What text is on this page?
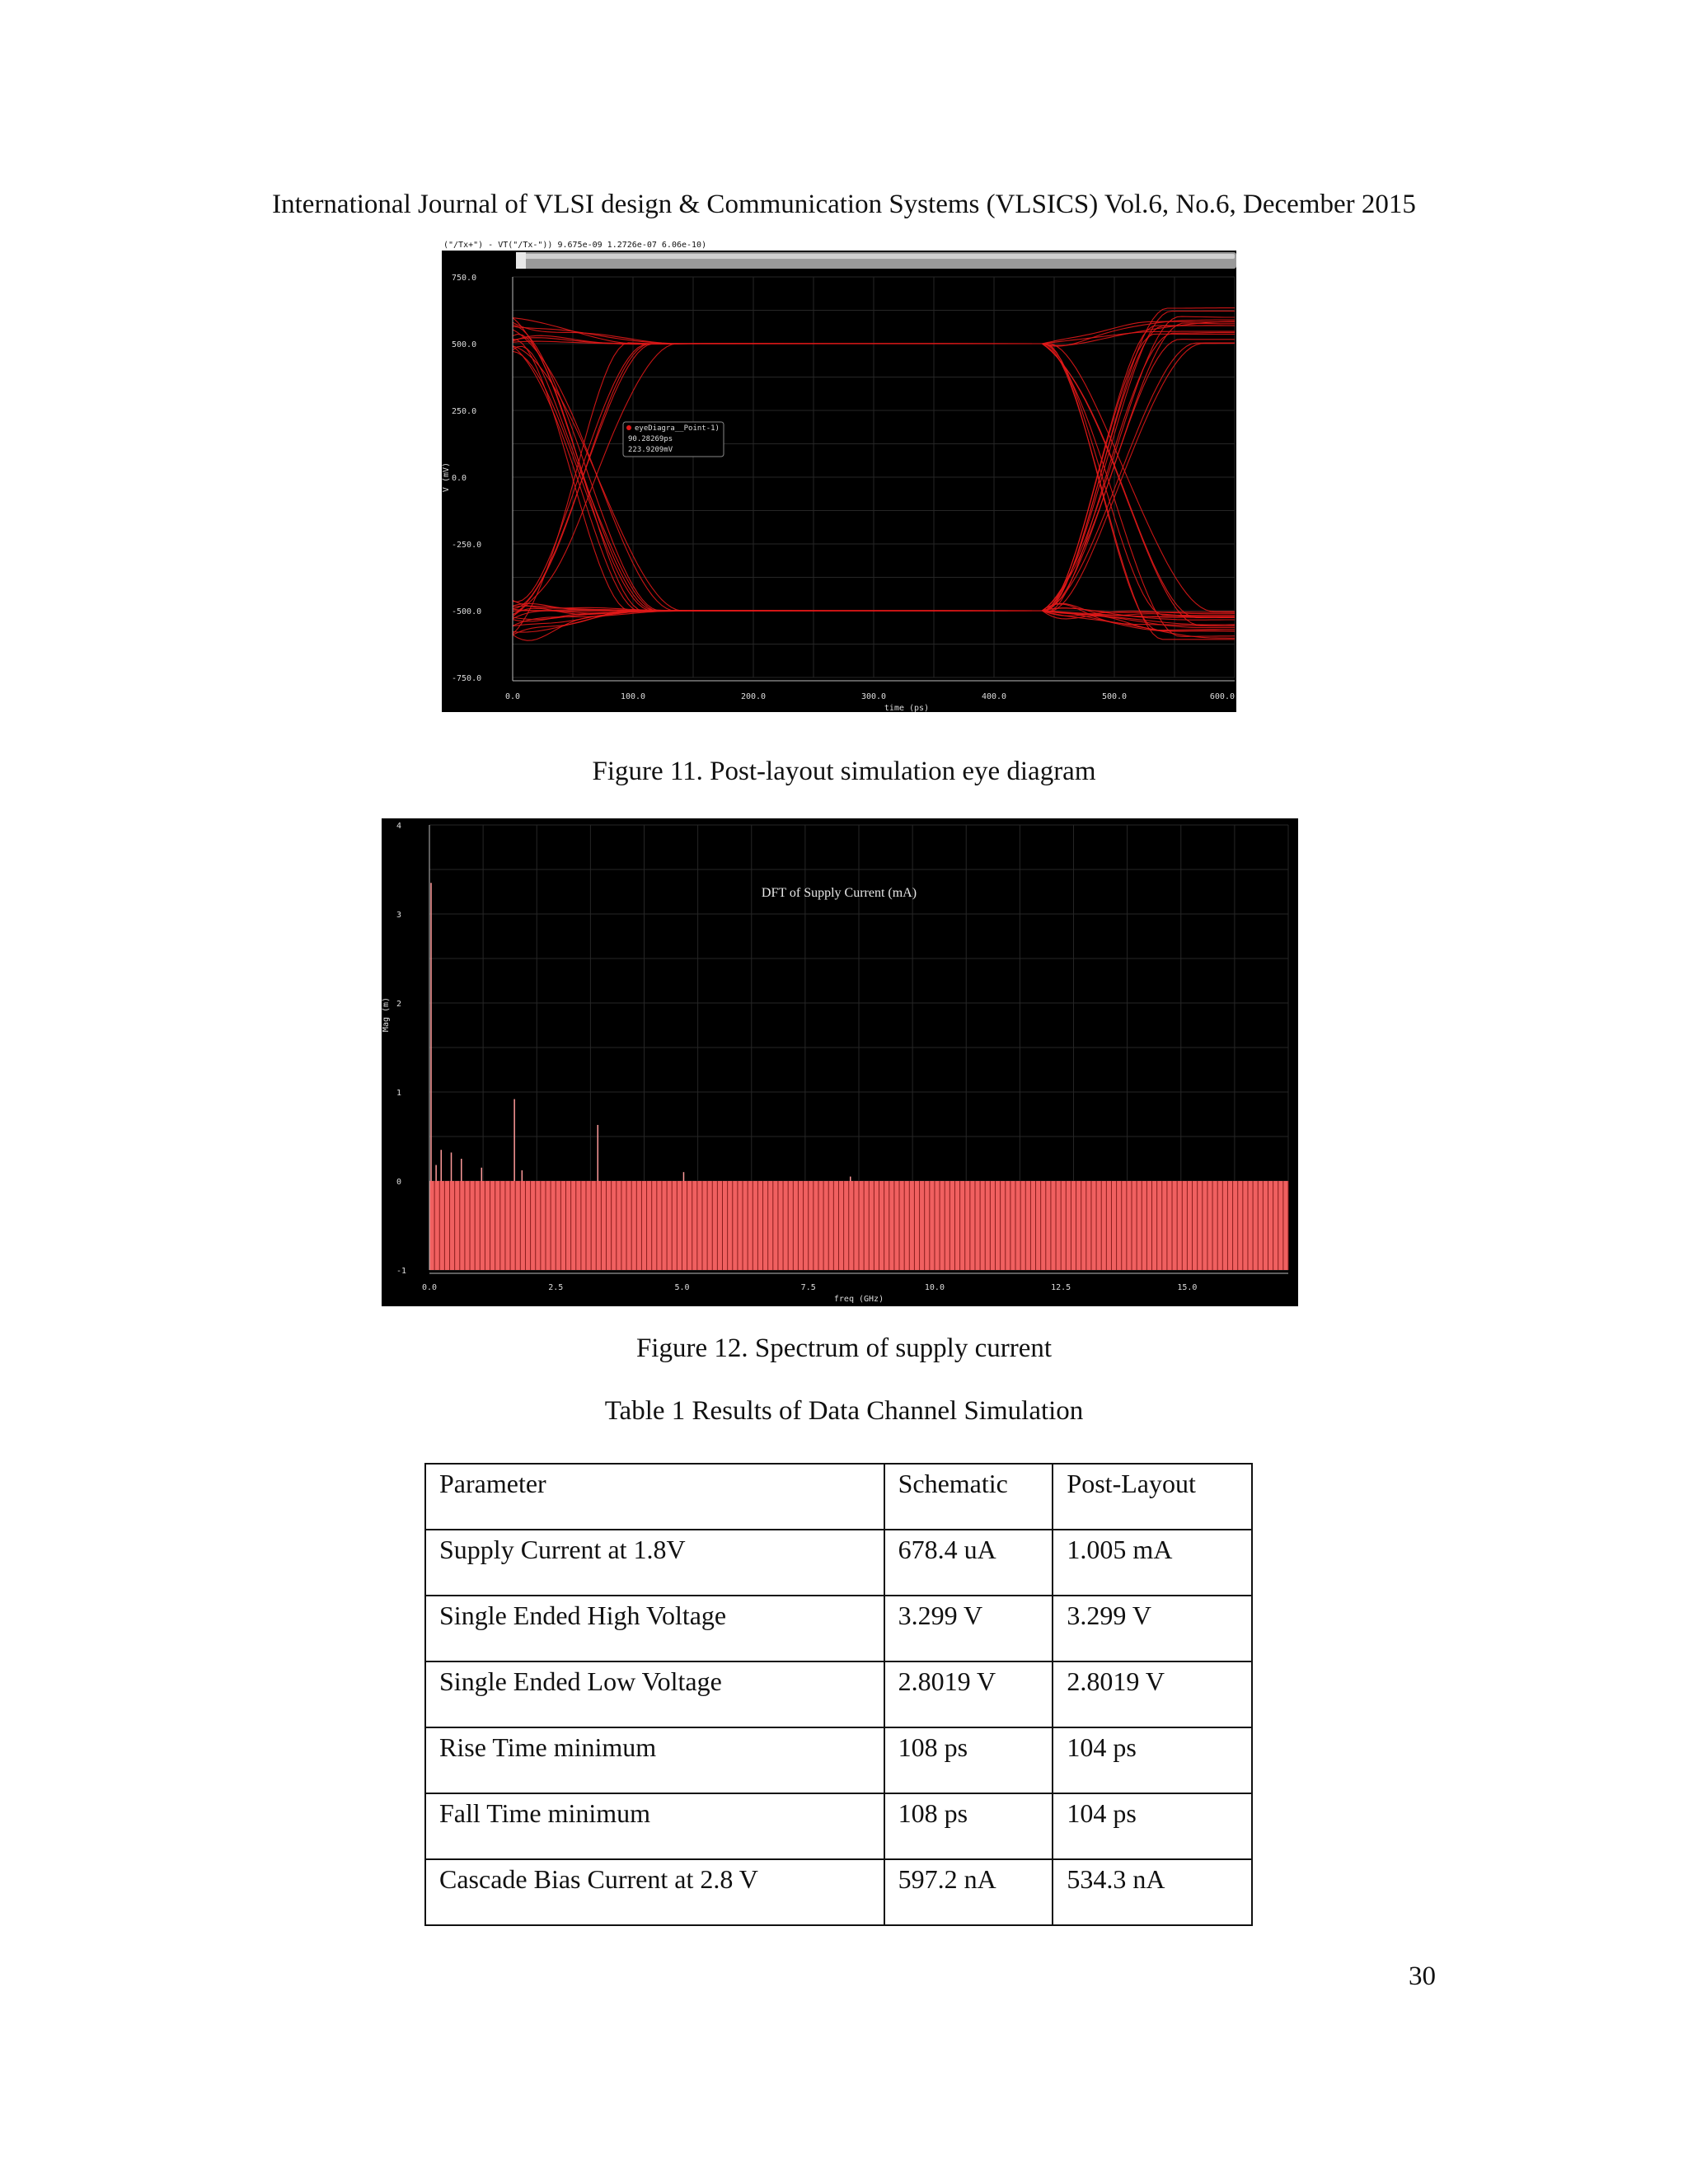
International Journal of VLSI design & Communication Systems (VLSICS) Vol.6, No.6, December 2015
("/Tx+") - VT("/Tx-")) 9.675e-09 1.2726e-07 6.06e-10)
750.0
500.0
250.0
0.0
-250.0
-500.0
-750.0
0.0	100.0	200.0	300.0	400.0	500.0	600.0
time (ps)
V (mV)
eyeDiagra__Point-1)
90.28269ps
223.9209mV
Figure 11. Post-layout simulation eye diagram
4
3
2
1
0
-1
0.0	2.5	5.0	7.5	10.0	12.5	15.0
freq (GHz)
Mag (m)
DFT of Supply Current (mA)
Figure 12. Spectrum of supply current
Table 1 Results of Data Channel Simulation
Parameter	Schematic	Post-Layout
Supply Current at 1.8V	678.4 uA	1.005 mA
Single Ended High Voltage	3.299 V	3.299 V
Single Ended Low Voltage	2.8019 V	2.8019 V
Rise Time minimum	108 ps	104 ps
Fall Time minimum	108 ps	104 ps
Cascade Bias Current at 2.8 V	597.2 nA	534.3 nA
30
